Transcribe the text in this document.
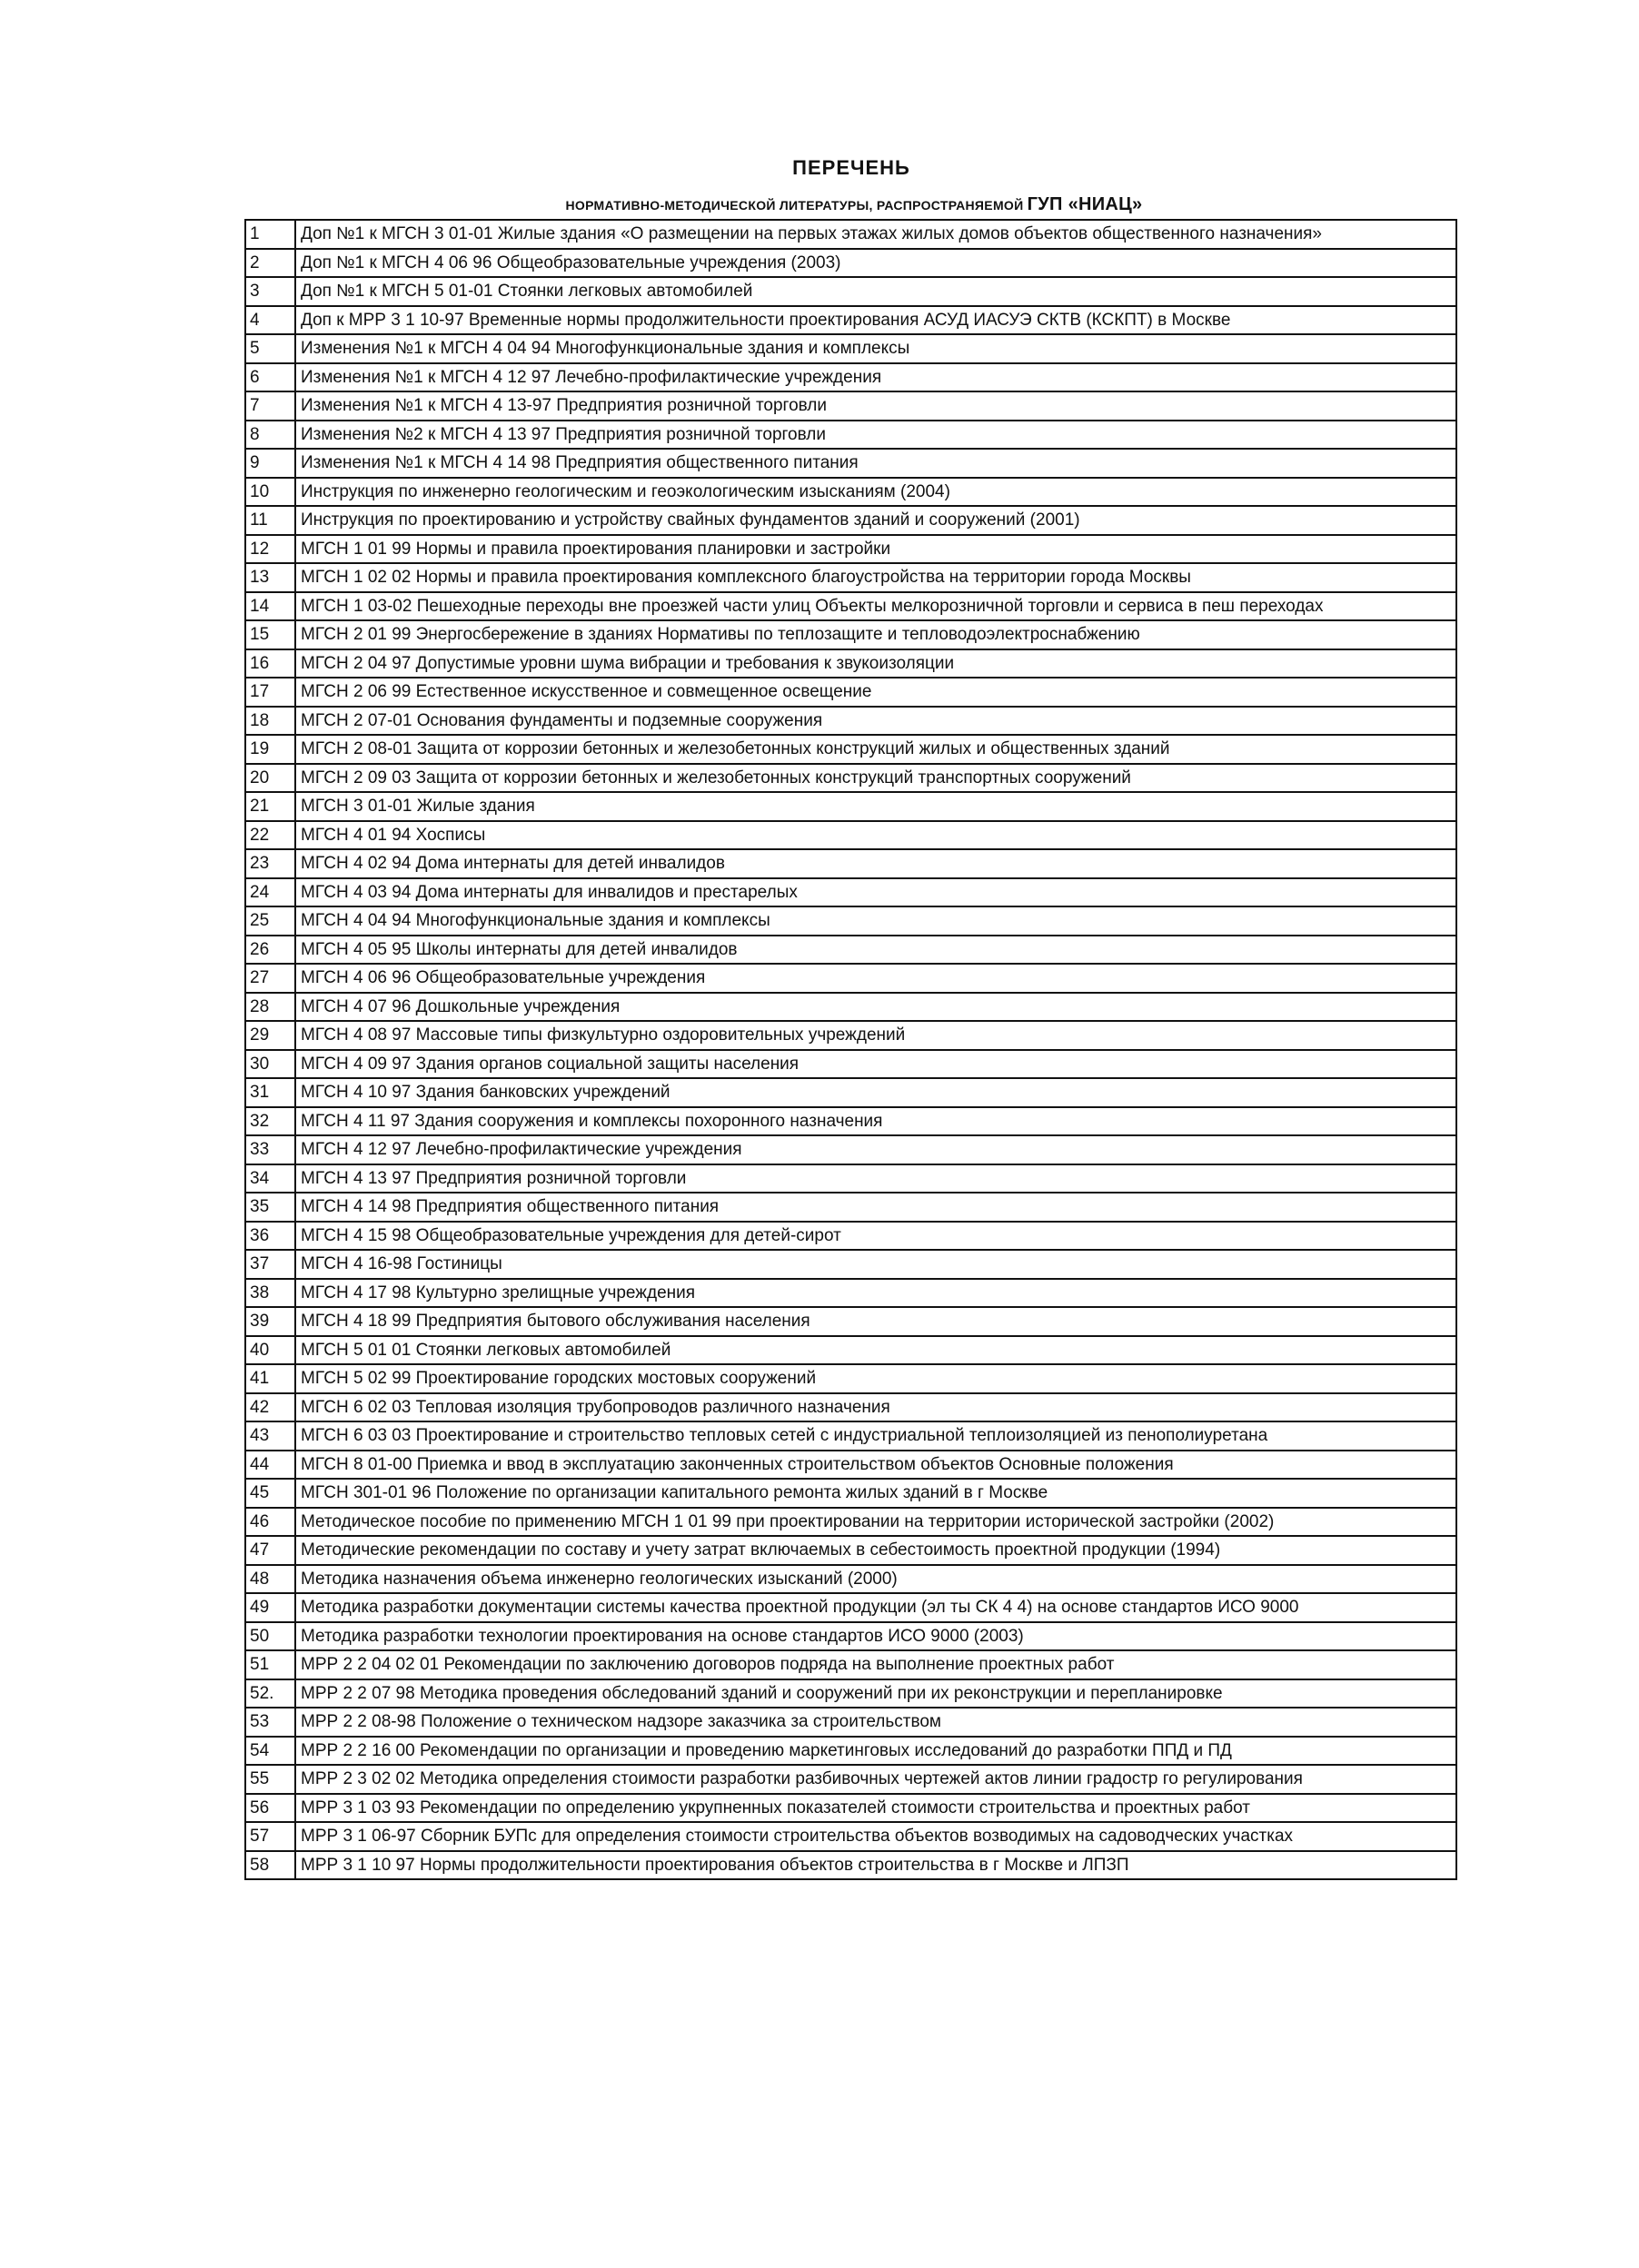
ПЕРЕЧЕНЬ
НОРМАТИВНО-МЕТОДИЧЕСКОЙ ЛИТЕРАТУРЫ, РАСПРОСТРАНЯЕМОЙ ГУП «НИАЦ»
1	Доп №1 к МГСН 3 01-01 Жилые здания «О размещении на первых этажах жилых домов объектов общественного назначения»
2	Доп №1 к МГСН 4 06 96 Общеобразовательные учреждения (2003)
3	Доп №1 к МГСН 5 01-01 Стоянки легковых автомобилей
4	Доп к МРР 3 1 10-97 Временные нормы продолжительности проектирования АСУД ИАСУЭ СКТВ (КСКПТ) в Москве
5	Изменения №1 к МГСН 4 04 94 Многофункциональные здания и комплексы
6	Изменения №1 к МГСН 4 12 97 Лечебно-профилактические учреждения
7	Изменения №1 к МГСН 4 13-97 Предприятия розничной торговли
8	Изменения №2 к МГСН 4 13 97 Предприятия розничной торговли
9	Изменения №1 к МГСН 4 14 98 Предприятия общественного питания
10	Инструкция по инженерно геологическим и геоэкологическим изысканиям (2004)
11	Инструкция по проектированию и устройству свайных фундаментов зданий и сооружений (2001)
12	МГСН 1 01 99 Нормы и правила проектирования планировки и застройки
13	МГСН 1 02 02 Нормы и правила проектирования комплексного благоустройства на территории города Москвы
14	МГСН 1 03-02 Пешеходные переходы вне проезжей части улиц Объекты мелкорозничной торговли и сервиса в пеш переходах
15	МГСН 2 01 99 Энергосбережение в зданиях Нормативы по теплозащите и тепловодоэлектроснабжению
16	МГСН 2 04 97 Допустимые уровни шума вибрации и требования к звукоизоляции
17	МГСН 2 06 99 Естественное искусственное и совмещенное освещение
18	МГСН 2 07-01 Основания фундаменты и подземные сооружения
19	МГСН 2 08-01 Защита от коррозии бетонных и железобетонных конструкций жилых и общественных зданий
20	МГСН 2 09 03 Защита от коррозии бетонных и железобетонных конструкций транспортных сооружений
21	МГСН 3 01-01 Жилые здания
22	МГСН 4 01 94 Хосписы
23	МГСН 4 02 94 Дома интернаты для детей инвалидов
24	МГСН 4 03 94 Дома интернаты для инвалидов и престарелых
25	МГСН 4 04 94 Многофункциональные здания и комплексы
26	МГСН 4 05 95 Школы интернаты для детей инвалидов
27	МГСН 4 06 96 Общеобразовательные учреждения
28	МГСН 4 07 96 Дошкольные учреждения
29	МГСН 4 08 97 Массовые типы физкультурно оздоровительных учреждений
30	МГСН 4 09 97 Здания органов социальной защиты населения
31	МГСН 4 10 97 Здания банковских учреждений
32	МГСН 4 11 97 Здания сооружения и комплексы похоронного назначения
33	МГСН 4 12 97 Лечебно-профилактические учреждения
34	МГСН 4 13 97 Предприятия розничной торговли
35	МГСН 4 14 98 Предприятия общественного питания
36	МГСН 4 15 98 Общеобразовательные учреждения для детей-сирот
37	МГСН 4 16-98 Гостиницы
38	МГСН 4 17 98 Культурно зрелищные учреждения
39	МГСН 4 18 99 Предприятия бытового обслуживания населения
40	МГСН 5 01 01 Стоянки легковых автомобилей
41	МГСН 5 02 99 Проектирование городских мостовых сооружений
42	МГСН 6 02 03 Тепловая изоляция трубопроводов различного назначения
43	МГСН 6 03 03 Проектирование и строительство тепловых сетей с индустриальной теплоизоляцией из пенополиуретана
44	МГСН 8 01-00 Приемка и ввод в эксплуатацию законченных строительством объектов Основные положения
45	МГСН 301-01 96 Положение по организации капитального ремонта жилых зданий в г Москве
46	Методическое пособие по применению МГСН 1 01 99 при проектировании на территории исторической застройки (2002)
47	Методические рекомендации по составу и учету затрат включаемых в себестоимость проектной продукции (1994)
48	Методика назначения объема инженерно геологических изысканий (2000)
49	Методика разработки документации системы качества проектной продукции (эл ты СК 4 4) на основе стандартов ИСО 9000
50	Методика разработки технологии проектирования на основе стандартов ИСО 9000 (2003)
51	МРР 2 2 04 02 01 Рекомендации по заключению договоров подряда на выполнение проектных работ
52.	МРР 2 2 07 98 Методика проведения обследований зданий и сооружений при их реконструкции и перепланировке
53	МРР 2 2 08-98 Положение о техническом надзоре заказчика за строительством
54	МРР 2 2 16 00 Рекомендации по организации и проведению маркетинговых исследований до разработки ППД и ПД
55	МРР 2 3 02 02 Методика определения стоимости разработки разбивочных чертежей актов линии градостр го регулирования
56	МРР 3 1 03 93 Рекомендации по определению укрупненных показателей стоимости строительства и проектных работ
57	МРР 3 1 06-97 Сборник БУПс для определения стоимости строительства объектов возводимых на садоводческих участках
58	МРР 3 1 10 97 Нормы продолжительности проектирования объектов строительства в г Москве и ЛПЗП
